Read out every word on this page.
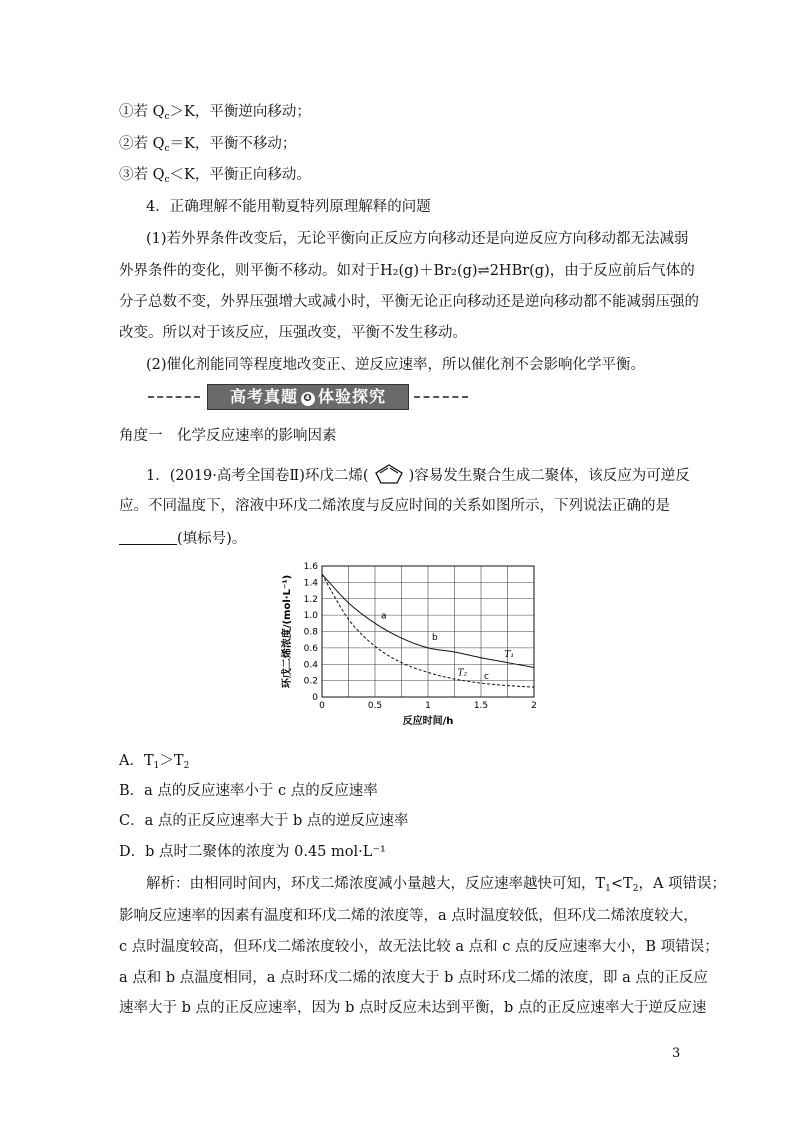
①若 $Q_c>K$，平衡逆向移动；
②若 $Q_c=K$，平衡不移动；
③若 $Q_c<K$，平衡正向移动。
4．正确理解不能用勒夏特列原理解释的问题
(1)若外界条件改变后，无论平衡向正反应方向移动还是向逆反应方向移动都无法减弱
外界条件的变化，则平衡不移动。如对于H₂(g)＋Br₂(g)⇌2HBr(g)，由于反应前后气体的
分子总数不变，外界压强增大或减小时，平衡无论正向移动还是逆向移动都不能减弱压强的
改变。所以对于该反应，压强改变，平衡不发生移动。
(2)催化剂能同等程度地改变正、逆反应速率，所以催化剂不会影响化学平衡。
高考真题 ❹ 体验探究
角度一　化学反应速率的影响因素
1．(2019·高考全国卷Ⅱ)环戊二烯(	)容易发生聚合生成二聚体，该反应为可逆反
应。不同温度下，溶液中环戊二烯浓度与反应时间的关系如图所示，下列说法正确的是
(填标号)。
0
0.2
0.4
0.6
0.8
1.0
1.2
1.4
1.6
0	0.5	1	1.5	2
T₁
T₂
a
b
c
反应时间/h
环戊二烯浓度/(mol·L⁻¹)
A．$T_1>T_2$
B．a 点的反应速率小于 c 点的反应速率
C．a 点的正反应速率大于 b 点的逆反应速率
D．b 点时二聚体的浓度为 0.45 mol·L⁻¹
解析：由相同时间内，环戊二烯浓度减小量越大，反应速率越快可知，$T_1<T_2$，A 项错误；
影响反应速率的因素有温度和环戊二烯的浓度等，a 点时温度较低，但环戊二烯浓度较大，
c 点时温度较高，但环戊二烯浓度较小，故无法比较 a 点和 c 点的反应速率大小，B 项错误；
a 点和 b 点温度相同，a 点时环戊二烯的浓度大于 b 点时环戊二烯的浓度，即 a 点的正反应
速率大于 b 点的正反应速率，因为 b 点时反应未达到平衡，b 点的正反应速率大于逆反应速
3
